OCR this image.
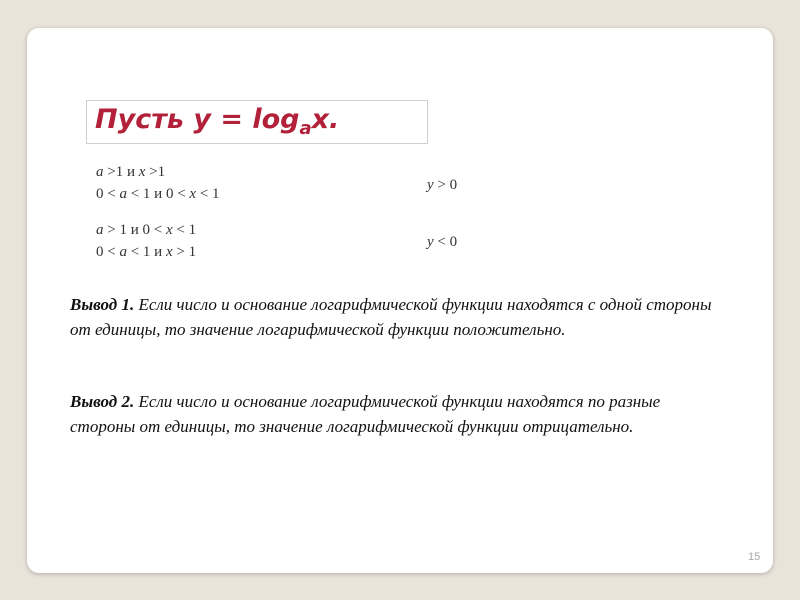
Пусть $y = \log_ax$.
a >1 и x >1
0 < a < 1 и 0 < x < 1
y > 0
a > 1 и 0 < x < 1
0 < a < 1 и x > 1
y < 0
Вывод 1. Если число и основание логарифмической функции находятся с одной стороны от единицы, то значение логарифмической функции положительно.
Вывод 2. Если число и основание логарифмической функции находятся по разные стороны от единицы, то значение логарифмической функции отрицательно.
15
